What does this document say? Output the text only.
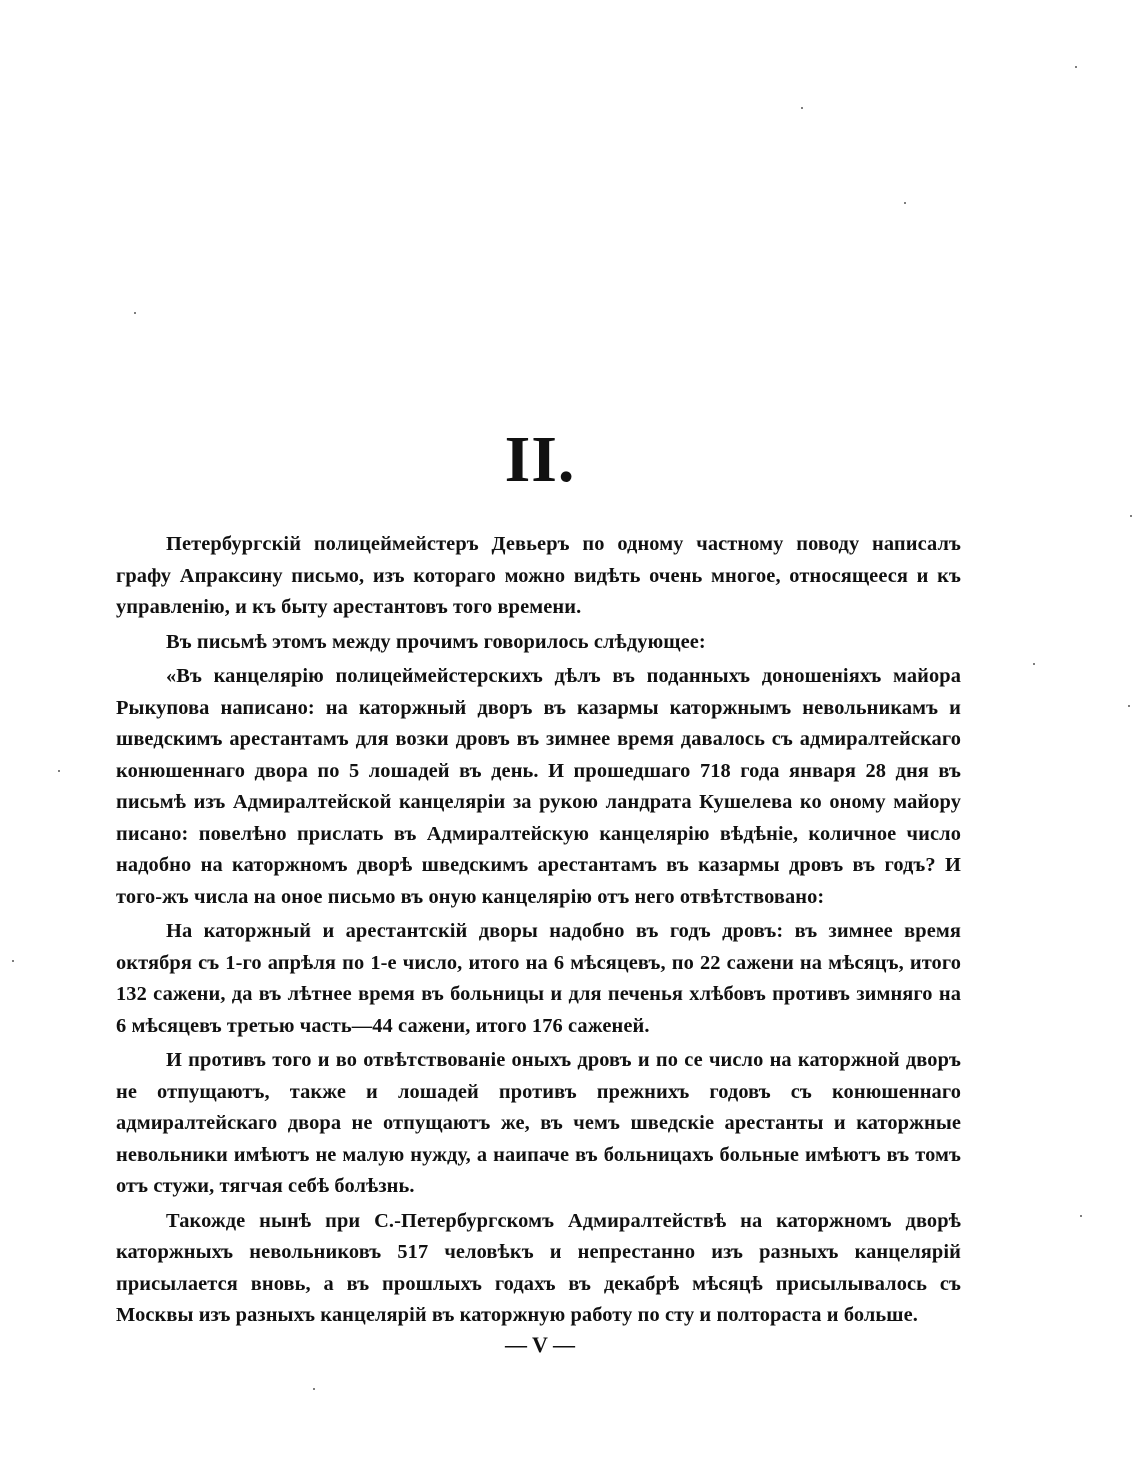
II.

Петербургскій полицеймейстеръ Девьеръ по одному частному поводу написалъ графу Апраксину письмо, изъ котораго можно видѣть очень многое, относящееся и къ управленію, и къ быту арестантовъ того времени.

Въ письмѣ этомъ между прочимъ говорилось слѣдующее:

«Въ канцелярію полицеймейстерскихъ дѣлъ въ поданныхъ доношеніяхъ майора Рыкупова написано: на каторжный дворъ въ казармы каторжнымъ невольникамъ и шведскимъ арестантамъ для возки дровъ въ зимнее время давалось съ адмиралтейскаго конюшеннаго двора по 5 лошадей въ день. И прошедшаго 718 года января 28 дня въ письмѣ изъ Адмиралтейской канцеляріи за рукою ландрата Кушелева ко оному майору писано: повелѣно прислать въ Адмиралтейскую канцелярію вѣдѣніе, количное число надобно на каторжномъ дворѣ шведскимъ арестантамъ въ казармы дровъ въ годъ? И того-жъ числа на оное письмо въ оную канцелярію отъ него отвѣтствовано:

На каторжный и арестантскій дворы надобно въ годъ дровъ: въ зимнее время октября съ 1-го апрѣля по 1-е число, итого на 6 мѣсяцевъ, по 22 сажени на мѣсяцъ, итого 132 сажени, да въ лѣтнее время въ больницы и для печенья хлѣбовъ противъ зимняго на 6 мѣсяцевъ третью часть—44 сажени, итого 176 саженей.

И противъ того и во отвѣтствованіе оныхъ дровъ и по се число на каторжной дворъ не отпущаютъ, также и лошадей противъ прежнихъ годовъ съ конюшеннаго адмиралтейскаго двора не отпущаютъ же, въ чемъ шведскіе арестанты и каторжные невольники имѣютъ не малую нужду, а наипаче въ больницахъ больные имѣютъ въ томъ отъ стужи, тягчая себѣ болѣзнь.

Такожде нынѣ при С.-Петербургскомъ Адмиралтействѣ на каторжномъ дворѣ каторжныхъ невольниковъ 517 человѣкъ и непрестанно изъ разныхъ канцелярій присылается вновь, а въ прошлыхъ годахъ въ декабрѣ мѣсяцѣ присылывалось съ Москвы изъ разныхъ канцелярій въ каторжную работу по сту и полтораста и больше.

— V —
